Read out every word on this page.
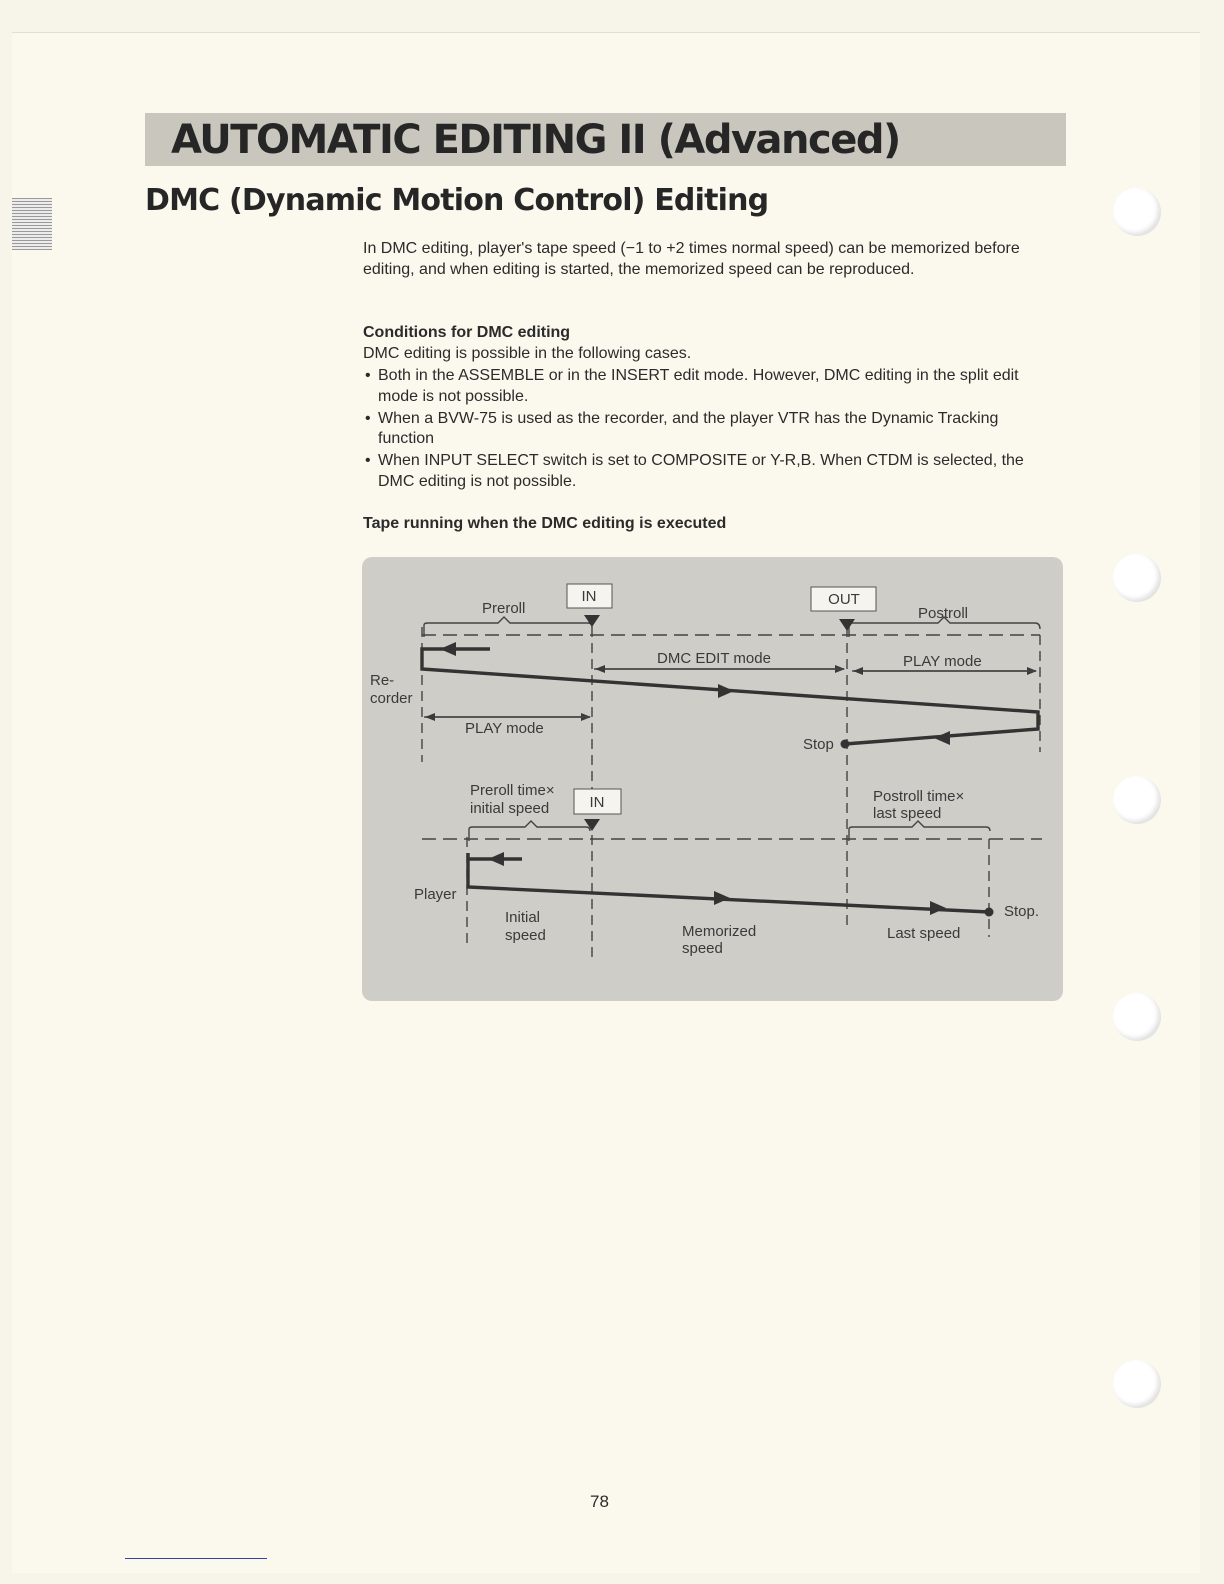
AUTOMATIC EDITING II (Advanced)
DMC (Dynamic Motion Control) Editing

In DMC editing, player's tape speed (−1 to +2 times normal speed) can be memorized before editing, and when editing is started, the memorized speed can be reproduced.

Conditions for DMC editing

DMC editing is possible in the following cases.

• Both in the ASSEMBLE or in the INSERT edit mode. However, DMC editing in the split edit mode is not possible.
• When a BVW-75 is used as the recorder, and the player VTR has the Dynamic Tracking function
• When INPUT SELECT switch is set to COMPOSITE or Y-R,B. When CTDM is selected, the DMC editing is not possible.

Tape running when the DMC editing is executed

Preroll
IN	OUT
Postroll
DMC EDIT mode	PLAY mode
Re-
corder
PLAY mode
Stop
Preroll time×
initial speed	IN	Postroll time×
last speed
Player
Initial
speed	Memorized
speed
Last speed
Stop.

78
